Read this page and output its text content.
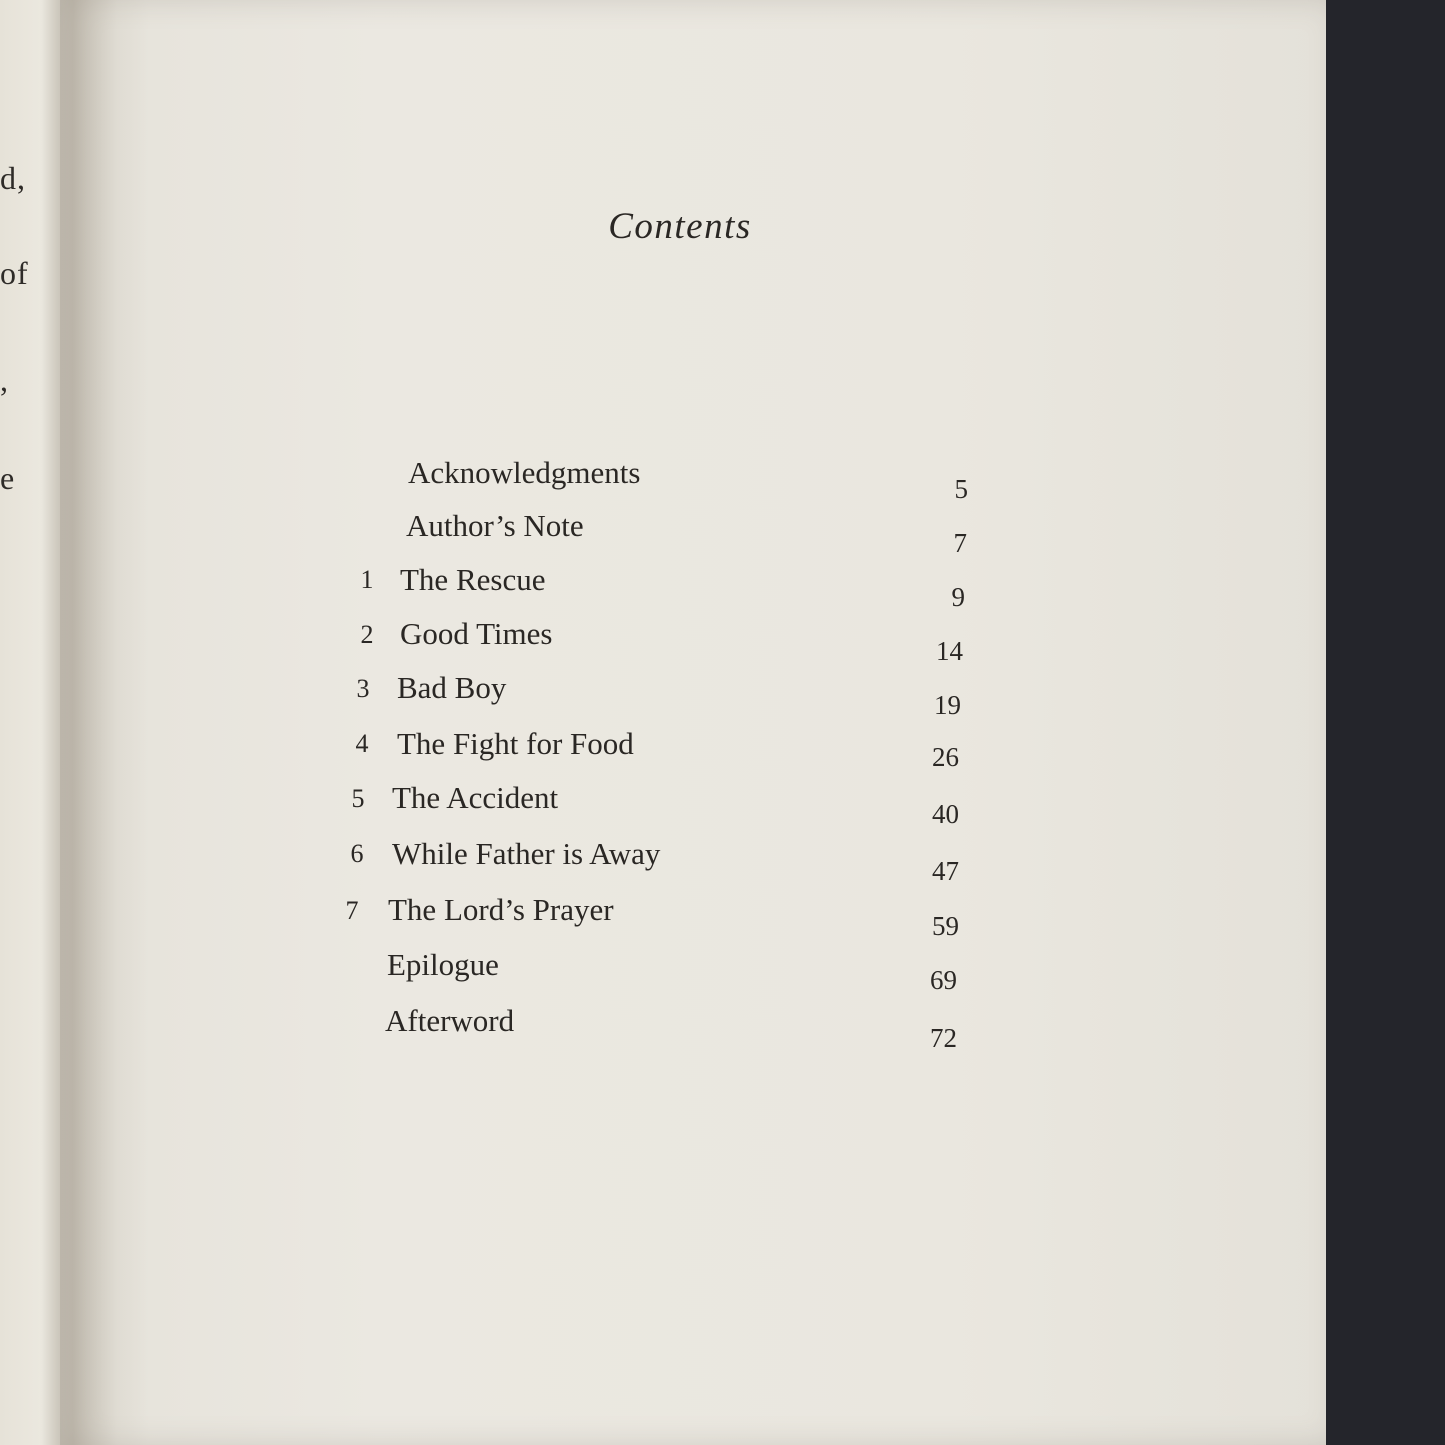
d,
of
,
e
Contents
Acknowledgments	5
Author’s Note	7
1 The Rescue	9
2 Good Times	14
3 Bad Boy	19
4 The Fight for Food	26
5 The Accident	40
6 While Father is Away	47
7 The Lord’s Prayer	59
Epilogue	69
Afterword	72
